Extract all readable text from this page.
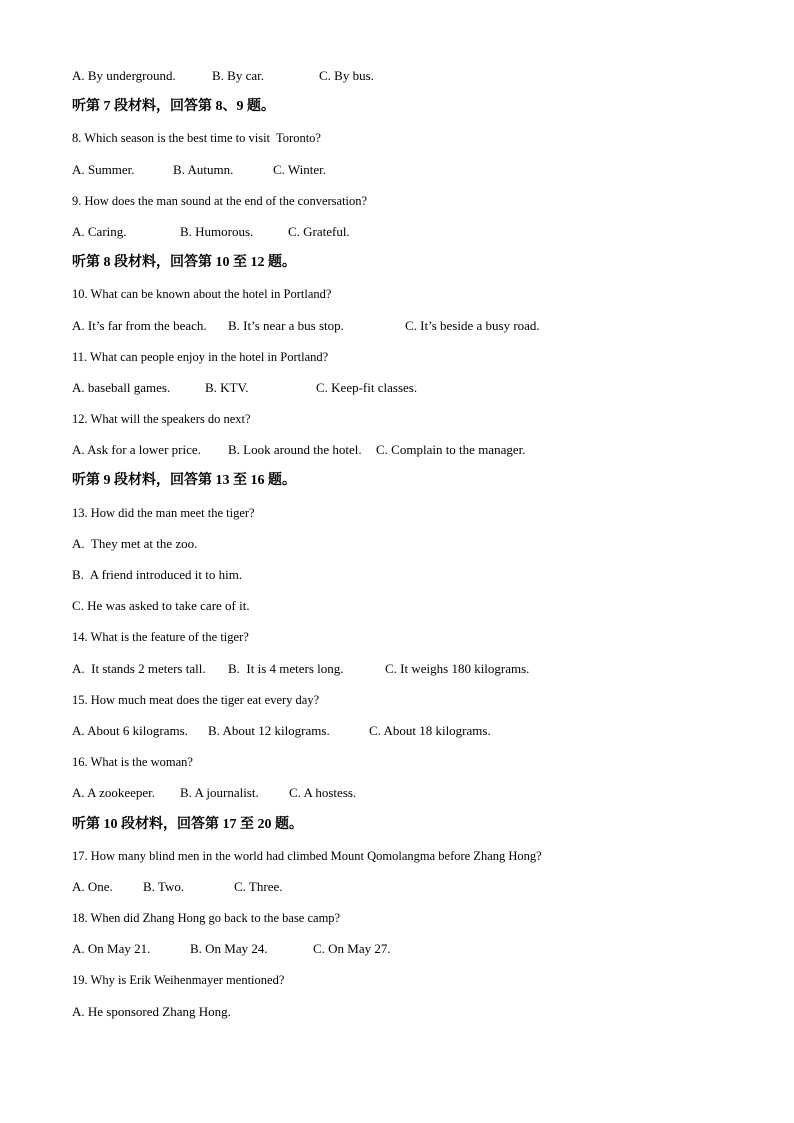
A. By underground.	B. By car.	C. By bus.
听第 7 段材料，回答第 8、9 题。
8. Which season is the best time to visit  Toronto?
A. Summer.	B. Autumn.	C. Winter.
9. How does the man sound at the end of the conversation?
A. Caring.	B. Humorous.	C. Grateful.
听第 8 段材料，回答第 10 至 12 题。
10. What can be known about the hotel in Portland?
A. It’s far from the beach. B. It’s near a bus stop.	C. It’s beside a busy road.
11. What can people enjoy in the hotel in Portland?
A. baseball games.	B. KTV.	C. Keep-fit classes.
12. What will the speakers do next?
A. Ask for a lower price. B. Look around the hotel. C. Complain to the manager.
听第 9 段材料，回答第 13 至 16 题。
13. How did the man meet the tiger?
A.  They met at the zoo.
B.  A friend introduced it to him.
C. He was asked to take care of it.
14. What is the feature of the tiger?
A.  It stands 2 meters tall. B.  It is 4 meters long.	C. It weighs 180 kilograms.
15. How much meat does the tiger eat every day?
A. About 6 kilograms. B. About 12 kilograms.	C. About 18 kilograms.
16. What is the woman?
A. A zookeeper. B. A journalist. C. A hostess.
听第 10 段材料，回答第 17 至 20 题。
17. How many blind men in the world had climbed Mount Qomolangma before Zhang Hong?
A. One. B. Two.	C. Three.
18. When did Zhang Hong go back to the base camp?
A. On May 21.	B. On May 24.	C. On May 27.
19. Why is Erik Weihenmayer mentioned?
A. He sponsored Zhang Hong.
